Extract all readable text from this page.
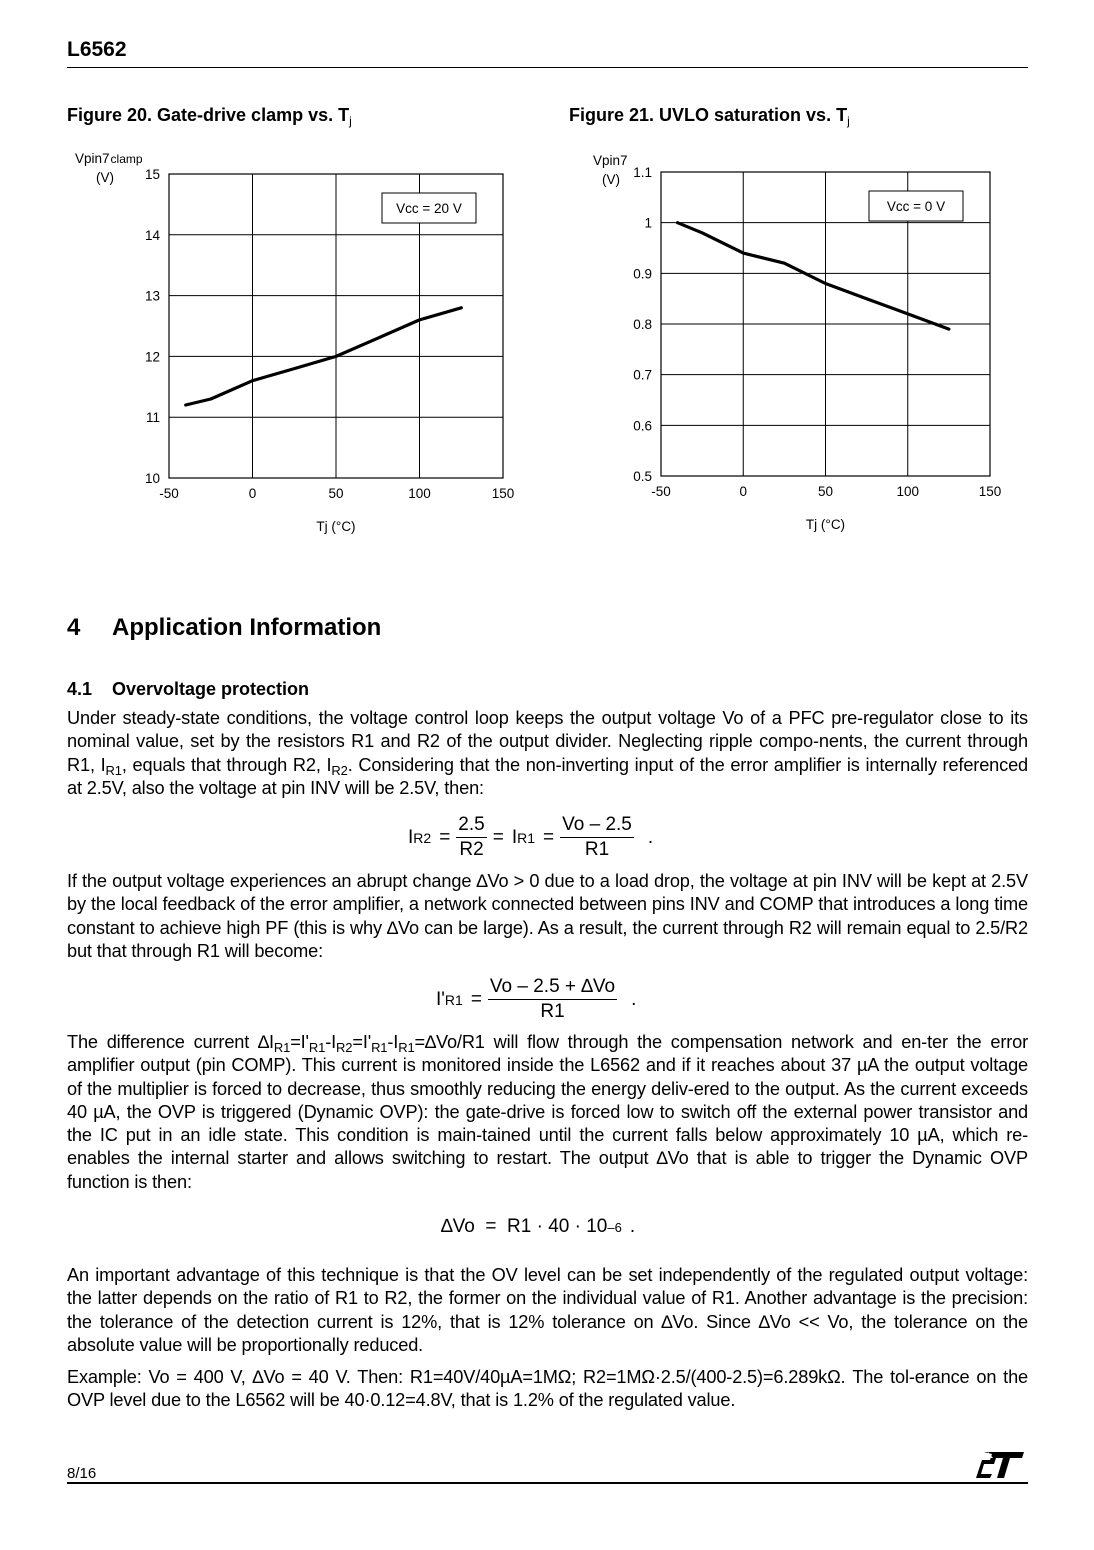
L6562
Figure 20. Gate-drive clamp vs. $T_j$
15
14
13
12
11
10
-50	0	50	100	150
Vcc = 20 V
Vpin7clamp
(V)
Tj (°C)
Figure 21. UVLO saturation vs. $T_j$
1.1
1
0.9
0.8
0.7
0.6
0.5
-50	0	50	100	150
Vcc = 0 V
Vpin7
(V)
Tj (°C)
4 Application Information
4.1 Overvoltage protection
Under steady-state conditions, the voltage control loop keeps the output voltage Vo of a PFC pre-regulator close to its nominal value, set by the resistors R1 and R2 of the output divider. Neglecting ripple compo-nents, the current through R1, $I_{R1}$, equals that through R2, $I_{R2}$. Considering that the non-inverting input of the error amplifier is internally referenced at 2.5V, also the voltage at pin INV will be 2.5V, then:
I $R2 = \frac{2.5}{R2} = I$ $R1 = \frac{Vo - 2.5}{R1}$ .
If the output voltage experiences an abrupt change ∆Vo > 0 due to a load drop, the voltage at pin INV will be kept at 2.5V by the local feedback of the error amplifier, a network connected between pins INV and COMP that introduces a long time constant to achieve high PF (this is why ∆Vo can be large). As a result, the current through R2 will remain equal to 2.5/R2 but that through R1 will become:
I' $R1 = \frac{Vo - 2.5 + \Delta Vo}{R1}$ .
The difference current $\Delta I_{R1}=I'_{R1}-I_{R2}=I'_{R1}-I_{R1}=\Delta Vo/R1$ will flow through the compensation network and en-ter the error amplifier output (pin COMP). This current is monitored inside the L6562 and if it reaches about 37 µA the output voltage of the multiplier is forced to decrease, thus smoothly reducing the energy deliv-ered to the output. As the current exceeds 40 µA, the OVP is triggered (Dynamic OVP): the gate-drive is forced low to switch off the external power transistor and the IC put in an idle state. This condition is main-tained until the current falls below approximately 10 µA, which re-enables the internal starter and allows switching to restart. The output ∆Vo that is able to trigger the Dynamic OVP function is then:
∆Vo  =  R1 · 40 · 10 –6 .
An important advantage of this technique is that the OV level can be set independently of the regulated output voltage: the latter depends on the ratio of R1 to R2, the former on the individual value of R1. Another advantage is the precision: the tolerance of the detection current is 12%, that is 12% tolerance on ∆Vo. Since ∆Vo << Vo, the tolerance on the absolute value will be proportionally reduced.
Example: Vo = 400 V, ∆Vo = 40 V. Then: R1=40V/40µA=1MΩ; R2=1MΩ·2.5/(400-2.5)=6.289kΩ. The tol-erance on the OVP level due to the L6562 will be 40·0.12=4.8V, that is 1.2% of the regulated value.
8/16
